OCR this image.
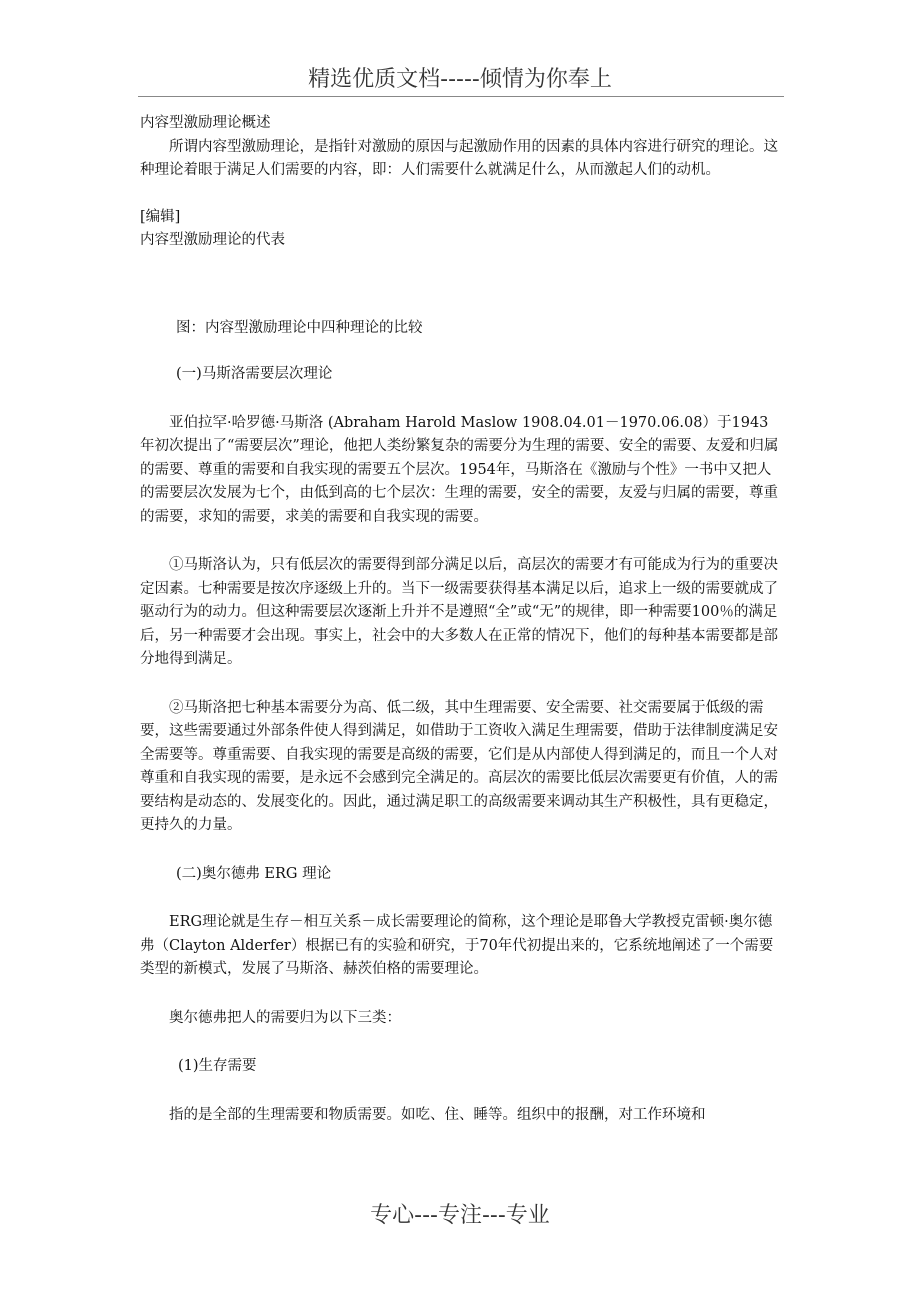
精选优质文档-----倾情为你奉上

内容型激励理论概述

所谓内容型激励理论，是指针对激励的原因与起激励作用的因素的具体内容进行研究的理论。这种理论着眼于满足人们需要的内容，即：人们需要什么就满足什么，从而激起人们的动机。

[编辑]

内容型激励理论的代表

图：内容型激励理论中四种理论的比较

(一)马斯洛需要层次理论

亚伯拉罕·哈罗德·马斯洛 (Abraham Harold Maslow 1908.04.01－1970.06.08）于1943年初次提出了“需要层次”理论，他把人类纷繁复杂的需要分为生理的需要、安全的需要、友爱和归属的需要、尊重的需要和自我实现的需要五个层次。1954年，马斯洛在《激励与个性》一书中又把人的需要层次发展为七个，由低到高的七个层次：生理的需要，安全的需要，友爱与归属的需要，尊重的需要，求知的需要，求美的需要和自我实现的需要。

①马斯洛认为，只有低层次的需要得到部分满足以后，高层次的需要才有可能成为行为的重要决定因素。七种需要是按次序逐级上升的。当下一级需要获得基本满足以后，追求上一级的需要就成了驱动行为的动力。但这种需要层次逐渐上升并不是遵照“全”或“无”的规律，即一种需要100％的满足后，另一种需要才会出现。事实上，社会中的大多数人在正常的情况下，他们的每种基本需要都是部分地得到满足。

②马斯洛把七种基本需要分为高、低二级，其中生理需要、安全需要、社交需要属于低级的需要，这些需要通过外部条件使人得到满足，如借助于工资收入满足生理需要，借助于法律制度满足安全需要等。尊重需要、自我实现的需要是高级的需要，它们是从内部使人得到满足的，而且一个人对尊重和自我实现的需要，是永远不会感到完全满足的。高层次的需要比低层次需要更有价值，人的需要结构是动态的、发展变化的。因此，通过满足职工的高级需要来调动其生产积极性，具有更稳定，更持久的力量。

(二)奥尔德弗 ERG 理论

ERG理论就是生存－相互关系－成长需要理论的简称，这个理论是耶鲁大学教授克雷顿·奥尔德弗（Clayton Alderfer）根据已有的实验和研究，于70年代初提出来的，它系统地阐述了一个需要类型的新模式，发展了马斯洛、赫茨伯格的需要理论。

奥尔德弗把人的需要归为以下三类：

(1)生存需要

指的是全部的生理需要和物质需要。如吃、住、睡等。组织中的报酬，对工作环境和

专心---专注---专业
